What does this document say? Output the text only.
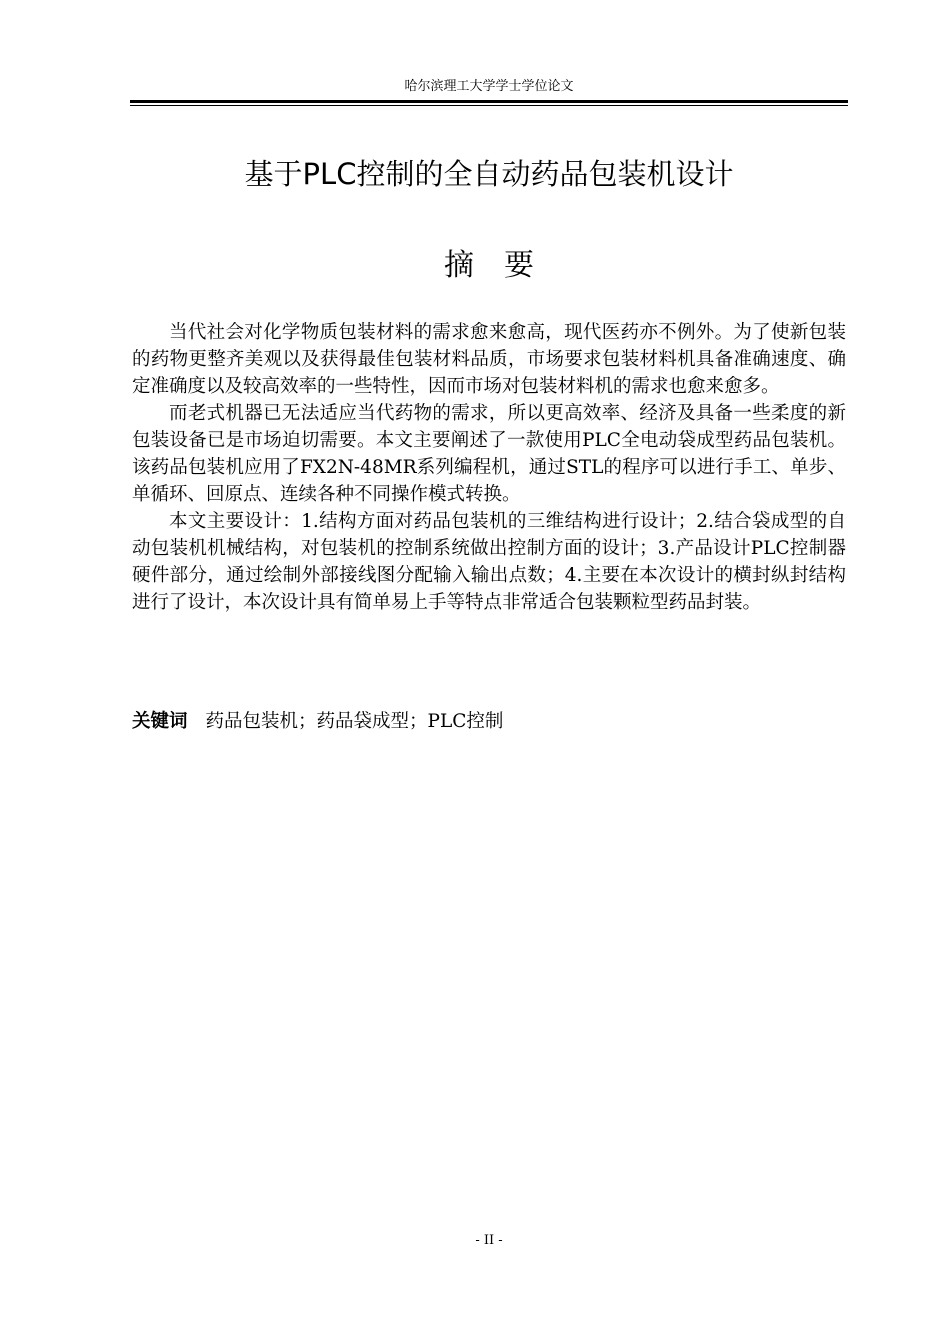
哈尔滨理工大学学士学位论文
基于PLC控制的全自动药品包装机设计
摘要

当代社会对化学物质包装材料的需求愈来愈高，现代医药亦不例外。为了使新包装的药物更整齐美观以及获得最佳包装材料品质，市场要求包装材料机具备准确速度、确定准确度以及较高效率的一些特性，因而市场对包装材料机的需求也愈来愈多。

而老式机器已无法适应当代药物的需求，所以更高效率、经济及具备一些柔度的新包装设备已是市场迫切需要。本文主要阐述了一款使用PLC全电动袋成型药品包装机。该药品包装机应用了FX2N-48MR系列编程机，通过STL的程序可以进行手工、单步、单循环、回原点、连续各种不同操作模式转换。

本文主要设计：1.结构方面对药品包装机的三维结构进行设计；2.结合袋成型的自动包装机机械结构，对包装机的控制系统做出控制方面的设计；3.产品设计PLC控制器硬件部分，通过绘制外部接线图分配输入输出点数；4.主要在本次设计的横封纵封结构进行了设计，本次设计具有简单易上手等特点非常适合包装颗粒型药品封装。

关键词 药品包装机；药品袋成型；PLC控制
- II -
